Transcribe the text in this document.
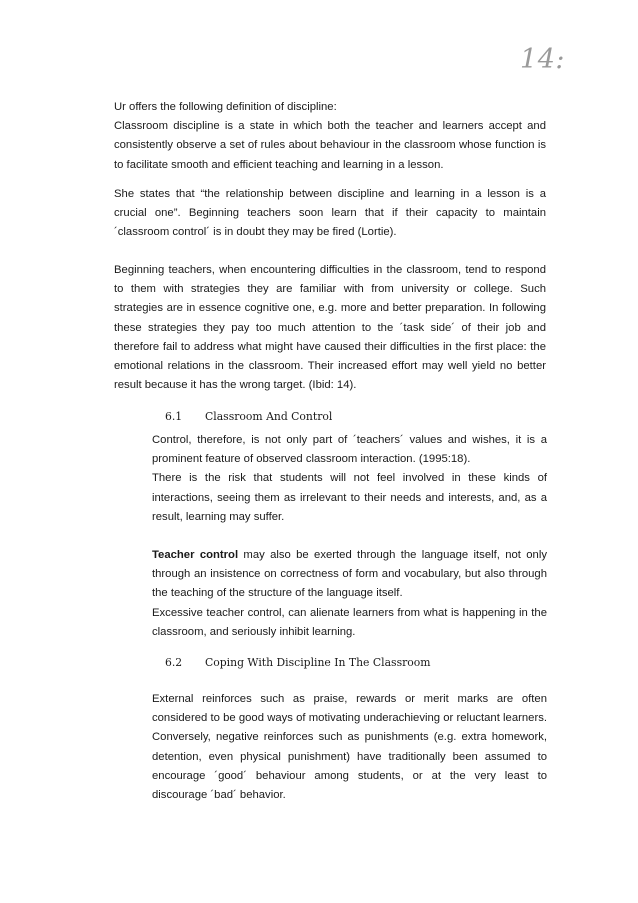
14:

Ur offers the following definition of discipline:

Classroom discipline is a state in which both the teacher and learners accept and consistently observe a set of rules about behaviour in the classroom whose function is to facilitate smooth and efficient teaching and learning in a lesson.

She states that “the relationship between discipline and learning in a lesson is a crucial one”. Beginning teachers soon learn that if their capacity to maintain ´classroom control´ is in doubt they may be fired (Lortie).

Beginning teachers, when encountering difficulties in the classroom, tend to respond to them with strategies they are familiar with from university or college. Such strategies are in essence cognitive one, e.g. more and better preparation. In following these strategies they pay too much attention to the ´task side´ of their job and therefore fail to address what might have caused their difficulties in the first place: the emotional relations in the classroom. Their increased effort may well yield no better result because it has the wrong target. (Ibid: 14).

6.1 Classroom And Control

Control, therefore, is not only part of ´teachers´ values and wishes, it is a prominent feature of observed classroom interaction. (1995:18).

There is the risk that students will not feel involved in these kinds of interactions, seeing them as irrelevant to their needs and interests, and, as a result, learning may suffer.

Teacher control may also be exerted through the language itself, not only through an insistence on correctness of form and vocabulary, but also through the teaching of the structure of the language itself.

Excessive teacher control, can alienate learners from what is happening in the classroom, and seriously inhibit learning.

6.2 Coping With Discipline In The Classroom

External reinforces such as praise, rewards or merit marks are often considered to be good ways of motivating underachieving or reluctant learners. Conversely, negative reinforces such as punishments (e.g. extra homework, detention, even physical punishment) have traditionally been assumed to encourage ´good´ behaviour among students, or at the very least to discourage ´bad´ behavior.
